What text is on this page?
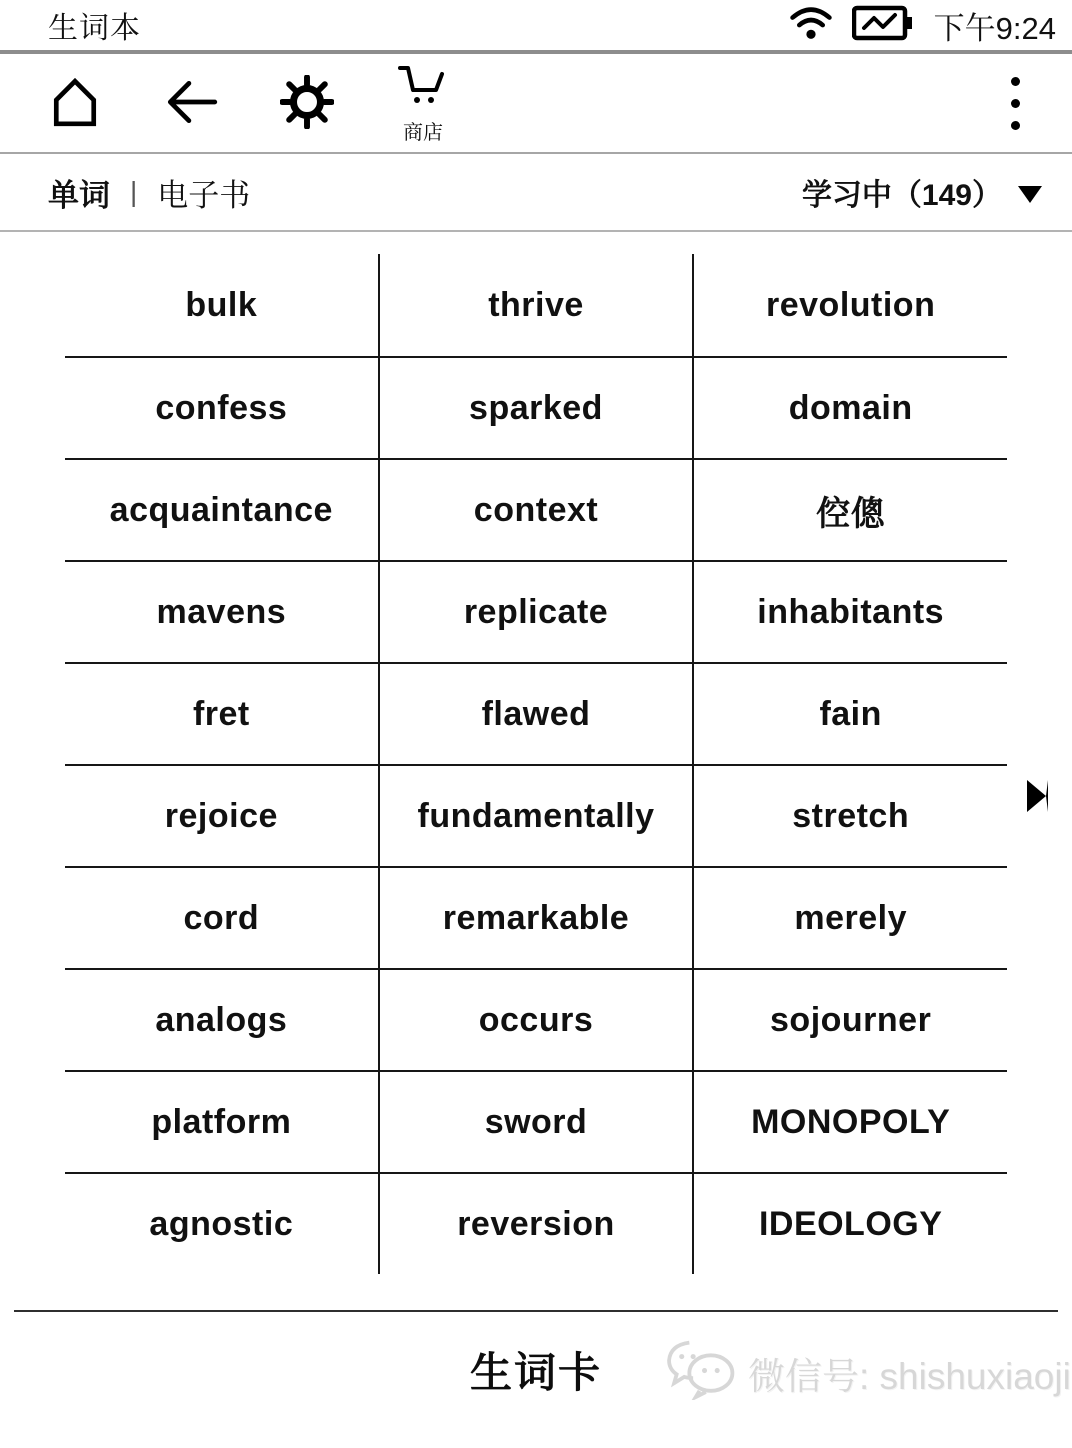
生词本	下午9:24
商店
单词 | 电子书	学习中（149）
bulk	thrive	revolution
confess	sparked	domain
acquaintance	context	倥傯
mavens	replicate	inhabitants
fret	flawed	fain
rejoice	fundamentally	stretch
cord	remarkable	merely
analogs	occurs	sojourner
platform	sword	MONOPOLY
agnostic	reversion	IDEOLOGY
生词卡	微信号: shishuxiaoji
